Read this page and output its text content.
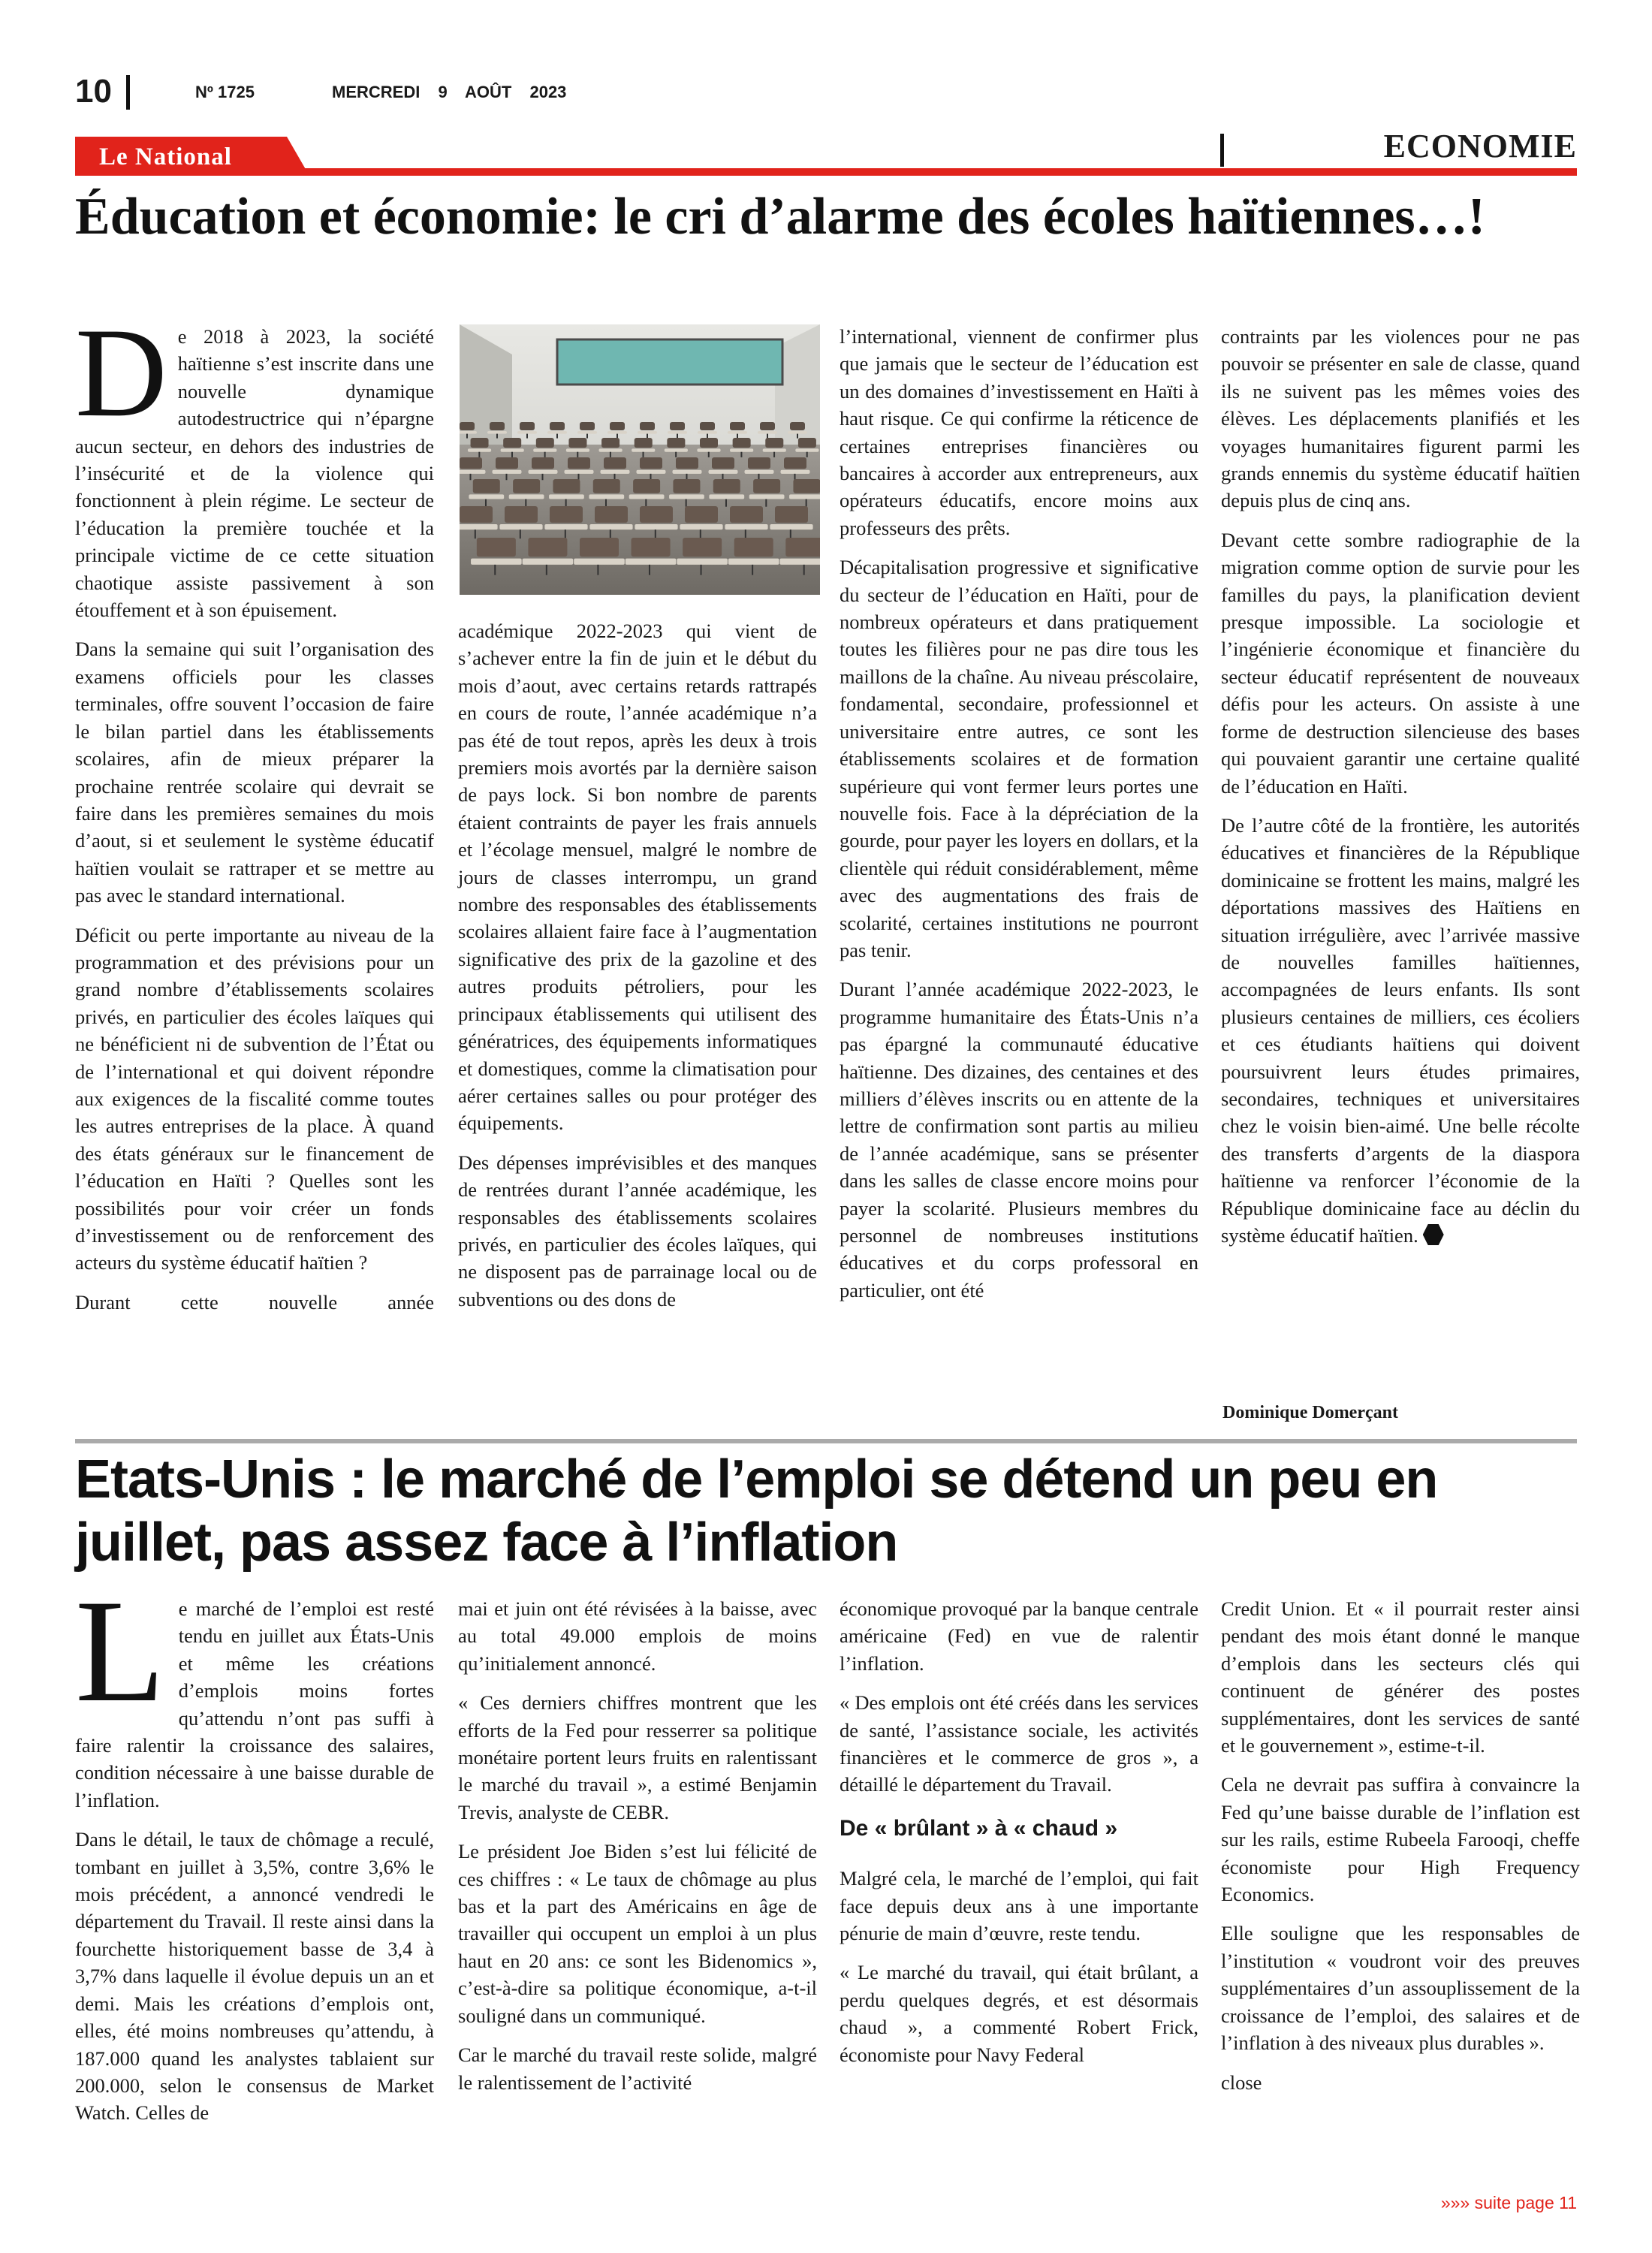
10	Nº 1725	MERCREDI 9 AOÛT 2023
Le National	ECONOMIE
Éducation et économie: le cri d’alarme des écoles haïtiennes…!

De 2018 à 2023, la société haïtienne s’est inscrite dans une nouvelle dynamique autodestructrice qui n’épargne aucun secteur, en dehors des industries de l’insécurité et de la violence qui fonctionnent à plein régime. Le secteur de l’éducation la première touchée et la principale victime de ce cette situation chaotique assiste passivement à son étouffement et à son épuisement.

Dans la semaine qui suit l’organisation des examens officiels pour les classes terminales, offre souvent l’occasion de faire le bilan partiel dans les établissements scolaires, afin de mieux préparer la prochaine rentrée scolaire qui devrait se faire dans les premières semaines du mois d’aout, si et seulement le système éducatif haïtien voulait se rattraper et se mettre au pas avec le standard international.

Déficit ou perte importante au niveau de la programmation et des prévisions pour un grand nombre d’établissements scolaires privés, en particulier des écoles laïques qui ne bénéficient ni de subvention de l’État ou de l’international et qui doivent répondre aux exigences de la fiscalité comme toutes les autres entreprises de la place. À quand des états généraux sur le financement de l’éducation en Haïti ? Quelles sont les possibilités pour voir créer un fonds d’investissement ou de renforcement des acteurs du système éducatif haïtien ?

Durant cette nouvelle année

académique 2022-2023 qui vient de s’achever entre la fin de juin et le début du mois d’aout, avec certains retards rattrapés en cours de route, l’année académique n’a pas été de tout repos, après les deux à trois premiers mois avortés par la dernière saison de pays lock. Si bon nombre de parents étaient contraints de payer les frais annuels et l’écolage mensuel, malgré le nombre de jours de classes interrompu, un grand nombre des responsables des établissements scolaires allaient faire face à l’augmentation significative des prix de la gazoline et des autres produits pétroliers, pour les principaux établissements qui utilisent des génératrices, des équipements informatiques et domestiques, comme la climatisation pour aérer certaines salles ou pour protéger des équipements.

Des dépenses imprévisibles et des manques de rentrées durant l’année académique, les responsables des établissements scolaires privés, en particulier des écoles laïques, qui ne disposent pas de parrainage local ou de subventions ou des dons de

l’international, viennent de confirmer plus que jamais que le secteur de l’éducation est un des domaines d’investissement en Haïti à haut risque. Ce qui confirme la réticence de certaines entreprises financières ou bancaires à accorder aux entrepreneurs, aux opérateurs éducatifs, encore moins aux professeurs des prêts.

Décapitalisation progressive et significative du secteur de l’éducation en Haïti, pour de nombreux opérateurs et dans pratiquement toutes les filières pour ne pas dire tous les maillons de la chaîne. Au niveau préscolaire, fondamental, secondaire, professionnel et universitaire entre autres, ce sont les établissements scolaires et de formation supérieure qui vont fermer leurs portes une nouvelle fois. Face à la dépréciation de la gourde, pour payer les loyers en dollars, et la clientèle qui réduit considérablement, même avec des augmentations des frais de scolarité, certaines institutions ne pourront pas tenir.

Durant l’année académique 2022-2023, le programme humanitaire des États-Unis n’a pas épargné la communauté éducative haïtienne. Des dizaines, des centaines et des milliers d’élèves inscrits ou en attente de la lettre de confirmation sont partis au milieu de l’année académique, sans se présenter dans les salles de classe encore moins pour payer la scolarité. Plusieurs membres du personnel de nombreuses institutions éducatives et du corps professoral en particulier, ont été

contraints par les violences pour ne pas pouvoir se présenter en sale de classe, quand ils ne suivent pas les mêmes voies des élèves. Les déplacements planifiés et les voyages humanitaires figurent parmi les grands ennemis du système éducatif haïtien depuis plus de cinq ans.

Devant cette sombre radiographie de la migration comme option de survie pour les familles du pays, la planification devient presque impossible. La sociologie et l’ingénierie économique et financière du secteur éducatif représentent de nouveaux défis pour les acteurs. On assiste à une forme de destruction silencieuse des bases qui pouvaient garantir une certaine qualité de l’éducation en Haïti.

De l’autre côté de la frontière, les autorités éducatives et financières de la République dominicaine se frottent les mains, malgré les déportations massives des Haïtiens en situation irrégulière, avec l’arrivée massive de nouvelles familles haïtiennes, accompagnées de leurs enfants. Ils sont plusieurs centaines de milliers, ces écoliers et ces étudiants haïtiens qui doivent poursuivrent leurs études primaires, secondaires, techniques et universitaires chez le voisin bien-aimé. Une belle récolte des transferts d’argents de la diaspora haïtienne va renforcer l’économie de la République dominicaine face au déclin du système éducatif haïtien.

Dominique Domerçant
Etats-Unis : le marché de l’emploi se détend un peu en juillet, pas assez face à l’inflation

Le marché de l’emploi est resté tendu en juillet aux États-Unis et même les créations d’emplois moins fortes qu’attendu n’ont pas suffi à faire ralentir la croissance des salaires, condition nécessaire à une baisse durable de l’inflation.

Dans le détail, le taux de chômage a reculé, tombant en juillet à 3,5%, contre 3,6% le mois précédent, a annoncé vendredi le département du Travail. Il reste ainsi dans la fourchette historiquement basse de 3,4 à 3,7% dans laquelle il évolue depuis un an et demi. Mais les créations d’emplois ont, elles, été moins nombreuses qu’attendu, à 187.000 quand les analystes tablaient sur 200.000, selon le consensus de Market Watch. Celles de

mai et juin ont été révisées à la baisse, avec au total 49.000 emplois de moins qu’initialement annoncé.

« Ces derniers chiffres montrent que les efforts de la Fed pour resserrer sa politique monétaire portent leurs fruits en ralentissant le marché du travail », a estimé Benjamin Trevis, analyste de CEBR.

Le président Joe Biden s’est lui félicité de ces chiffres : « Le taux de chômage au plus bas et la part des Américains en âge de travailler qui occupent un emploi à un plus haut en 20 ans: ce sont les Bidenomics », c’est-à-dire sa politique économique, a-t-il souligné dans un communiqué.

Car le marché du travail reste solide, malgré le ralentissement de l’activité

économique provoqué par la banque centrale américaine (Fed) en vue de ralentir l’inflation.

« Des emplois ont été créés dans les services de santé, l’assistance sociale, les activités financières et le commerce de gros », a détaillé le département du Travail.

De « brûlant » à « chaud »

Malgré cela, le marché de l’emploi, qui fait face depuis deux ans à une importante pénurie de main d’œuvre, reste tendu.

« Le marché du travail, qui était brûlant, a perdu quelques degrés, et est désormais chaud », a commenté Robert Frick, économiste pour Navy Federal

Credit Union. Et « il pourrait rester ainsi pendant des mois étant donné le manque d’emplois dans les secteurs clés qui continuent de générer des postes supplémentaires, dont les services de santé et le gouvernement », estime-t-il.

Cela ne devrait pas suffira à convaincre la Fed qu’une baisse durable de l’inflation est sur les rails, estime Rubeela Farooqi, cheffe économiste pour High Frequency Economics.

Elle souligne que les responsables de l’institution « voudront voir des preuves supplémentaires d’un assouplissement de la croissance de l’emploi, des salaires et de l’inflation à des niveaux plus durables ».

close

»»» suite page 11
